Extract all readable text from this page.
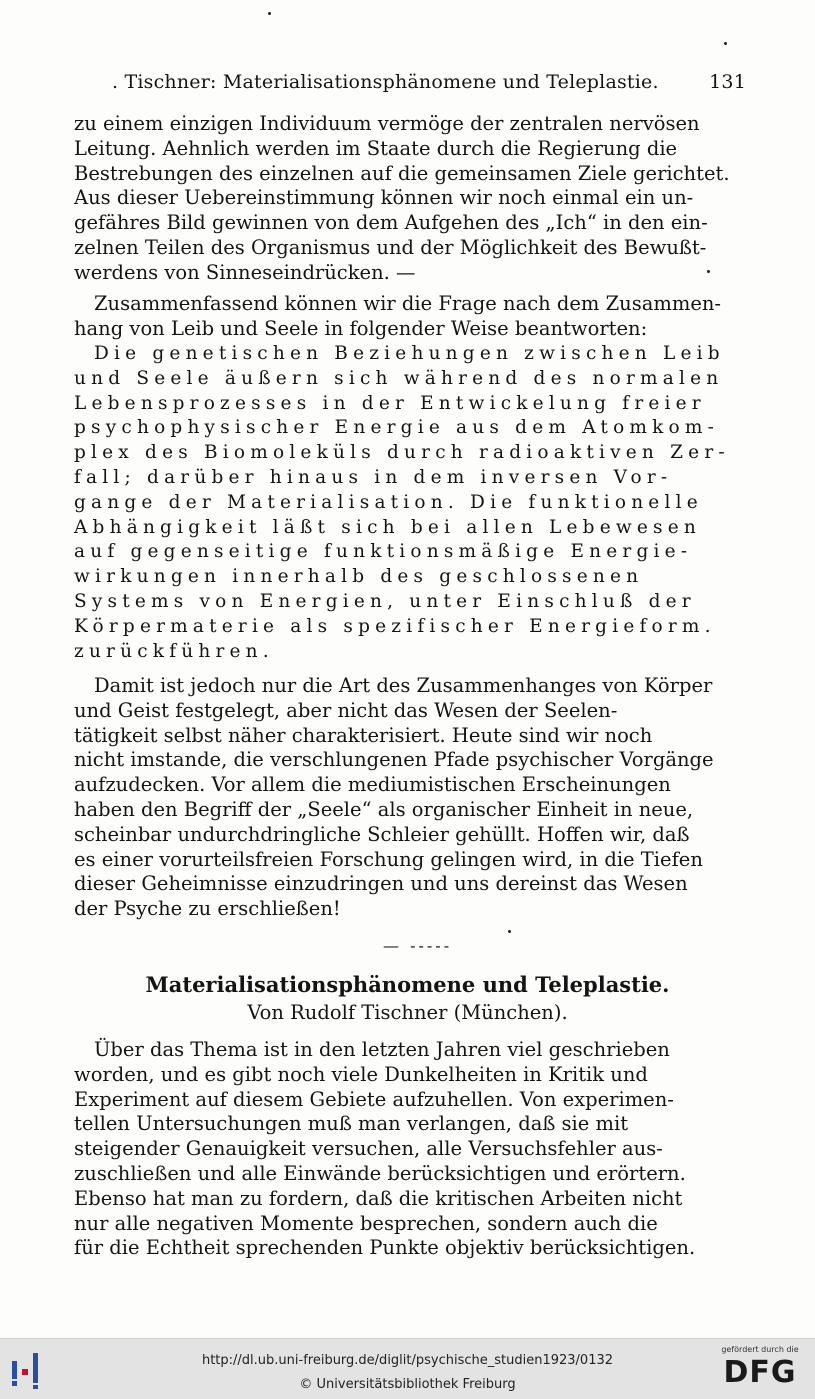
. Tischner: Materialisationsphänomene und Teleplastie.	131

zu einem einzigen Individuum vermöge der zentralen nervösen

Leitung. Aehnlich werden im Staate durch die Regierung die

Bestrebungen des einzelnen auf die gemeinsamen Ziele gerichtet.

Aus dieser Uebereinstimmung können wir noch einmal ein un-

gefähres Bild gewinnen von dem Aufgehen des „Ich“ in den ein-

zelnen Teilen des Organismus und der Möglichkeit des Bewußt-

werdens von Sinneseindrücken. —

Zusammenfassend können wir die Frage nach dem Zusammen-

hang von Leib und Seele in folgender Weise beantworten:

Die genetischen Beziehungen zwischen Leib

und Seele äußern sich während des normalen

Lebensprozesses in der Entwickelung freier

psychophysischer Energie aus dem Atomkom-

plex des Biomoleküls durch radioaktiven Zer-

fall; darüber hinaus in dem inversen Vor-

gange der Materialisation. Die funktionelle

Abhängigkeit läßt sich bei allen Lebewesen

auf gegenseitige funktionsmäßige Energie-

wirkungen innerhalb des geschlossenen

Systems von Energien, unter Einschluß der

Körpermaterie als spezifischer Energieform.

zurückführen.

Damit ist jedoch nur die Art des Zusammenhanges von Körper

und Geist festgelegt, aber nicht das Wesen der Seelen-

tätigkeit selbst näher charakterisiert. Heute sind wir noch

nicht imstande, die verschlungenen Pfade psychischer Vorgänge

aufzudecken. Vor allem die mediumistischen Erscheinungen

haben den Begriff der „Seele“ als organischer Einheit in neue,

scheinbar undurchdringliche Schleier gehüllt. Hoffen wir, daß

es einer vorurteilsfreien Forschung gelingen wird, in die Tiefen

dieser Geheimnisse einzudringen und uns dereinst das Wesen

der Psyche zu erschließen!

— -----
Materialisationsphänomene und Teleplastie.
Von Rudolf Tischner (München).

Über das Thema ist in den letzten Jahren viel geschrieben

worden, und es gibt noch viele Dunkelheiten in Kritik und

Experiment auf diesem Gebiete aufzuhellen. Von experimen-

tellen Untersuchungen muß man verlangen, daß sie mit

steigender Genauigkeit versuchen, alle Versuchsfehler aus-

zuschließen und alle Einwände berücksichtigen und erörtern.

Ebenso hat man zu fordern, daß die kritischen Arbeiten nicht

nur alle negativen Momente besprechen, sondern auch die

für die Echtheit sprechenden Punkte objektiv berücksichtigen.

http://dl.ub.uni-freiburg.de/diglit/psychische_studien1923/0132
© Universitätsbibliothek Freiburg
gefördert durch die
DFG
